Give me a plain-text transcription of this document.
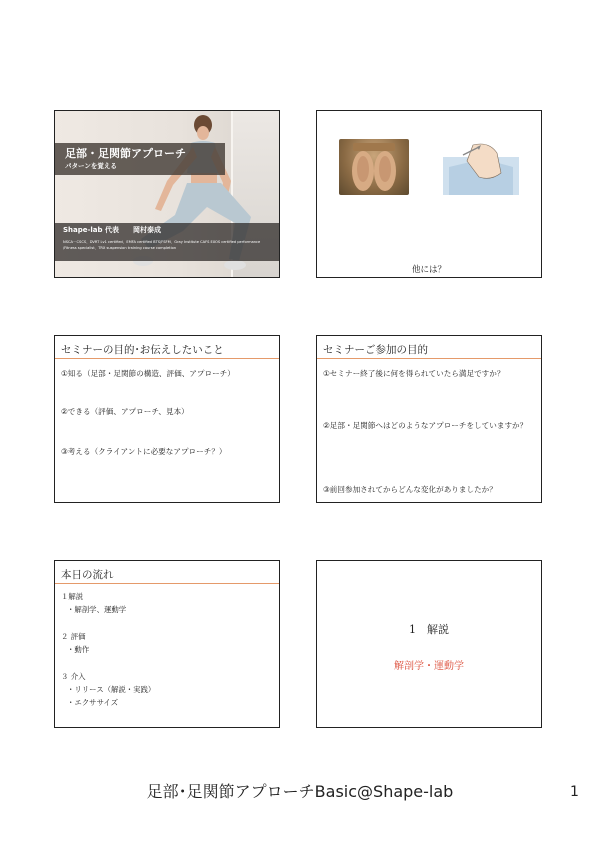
足部・足関節アプローチ
パターンを覚える
Shape-lab 代表　　岡村泰成
NSCA－CSCS、DVRT Lv1 certified、EMFA certified BTS/FSFM、Gray Institute CAFS EXOS certified performance /Fitness specialist、TRX suspension training course completion
他には？
セミナーの目的･お伝えしたいこと
①知る（足部・足関節の構造、評価、アプローチ）
②できる（評価、アプローチ、見本）
③考える（クライアントに必要なアプローチ？）
セミナーご参加の目的
①セミナー終了後に何を得られていたら満足ですか？
②足部・足関節へはどのようなアプローチをしていますか？
③前回参加されてからどんな変化がありましたか？
本日の流れ
１解説
・解剖学、運動学
２ 評価
・動作
３ 介入
・リリース（解説・実践）
・エクササイズ
1　解説
解剖学・運動学
足部･足関節アプローチBasic@Shape-lab	1
